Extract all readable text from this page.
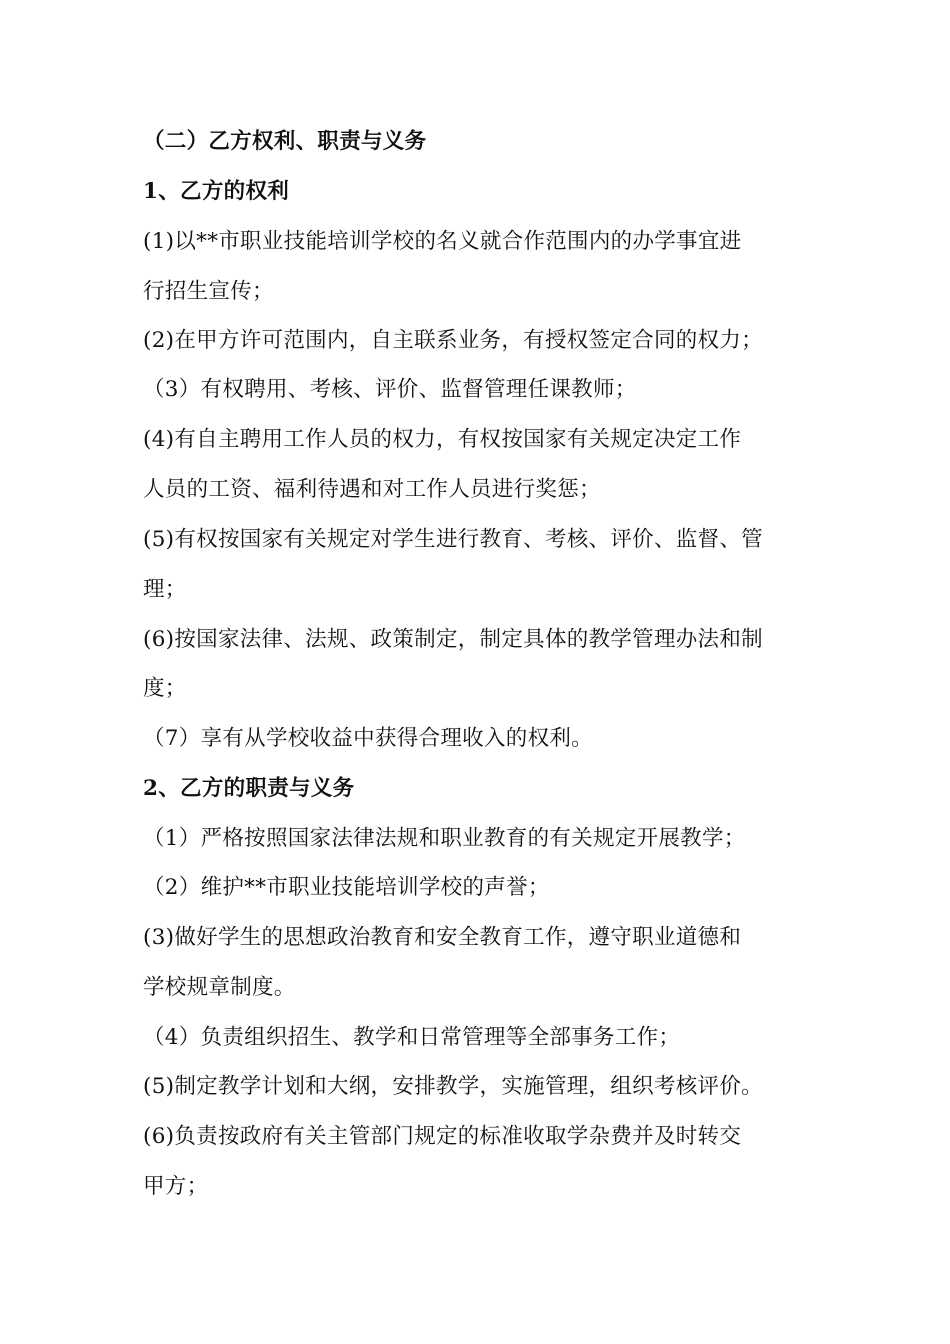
（二）乙方权利、职责与义务
1、乙方的权利
(1)以**市职业技能培训学校的名义就合作范围内的办学事宜进
行招生宣传；
(2)在甲方许可范围内，自主联系业务，有授权签定合同的权力；
（3）有权聘用、考核、评价、监督管理任课教师；
(4)有自主聘用工作人员的权力，有权按国家有关规定决定工作
人员的工资、福利待遇和对工作人员进行奖惩；
(5)有权按国家有关规定对学生进行教育、考核、评价、监督、管
理；
(6)按国家法律、法规、政策制定，制定具体的教学管理办法和制
度；
（7）享有从学校收益中获得合理收入的权利。
2、乙方的职责与义务
（1）严格按照国家法律法规和职业教育的有关规定开展教学；
（2）维护**市职业技能培训学校的声誉；
(3)做好学生的思想政治教育和安全教育工作，遵守职业道德和
学校规章制度。
（4）负责组织招生、教学和日常管理等全部事务工作；
(5)制定教学计划和大纲，安排教学，实施管理，组织考核评价。
(6)负责按政府有关主管部门规定的标准收取学杂费并及时转交
甲方；
